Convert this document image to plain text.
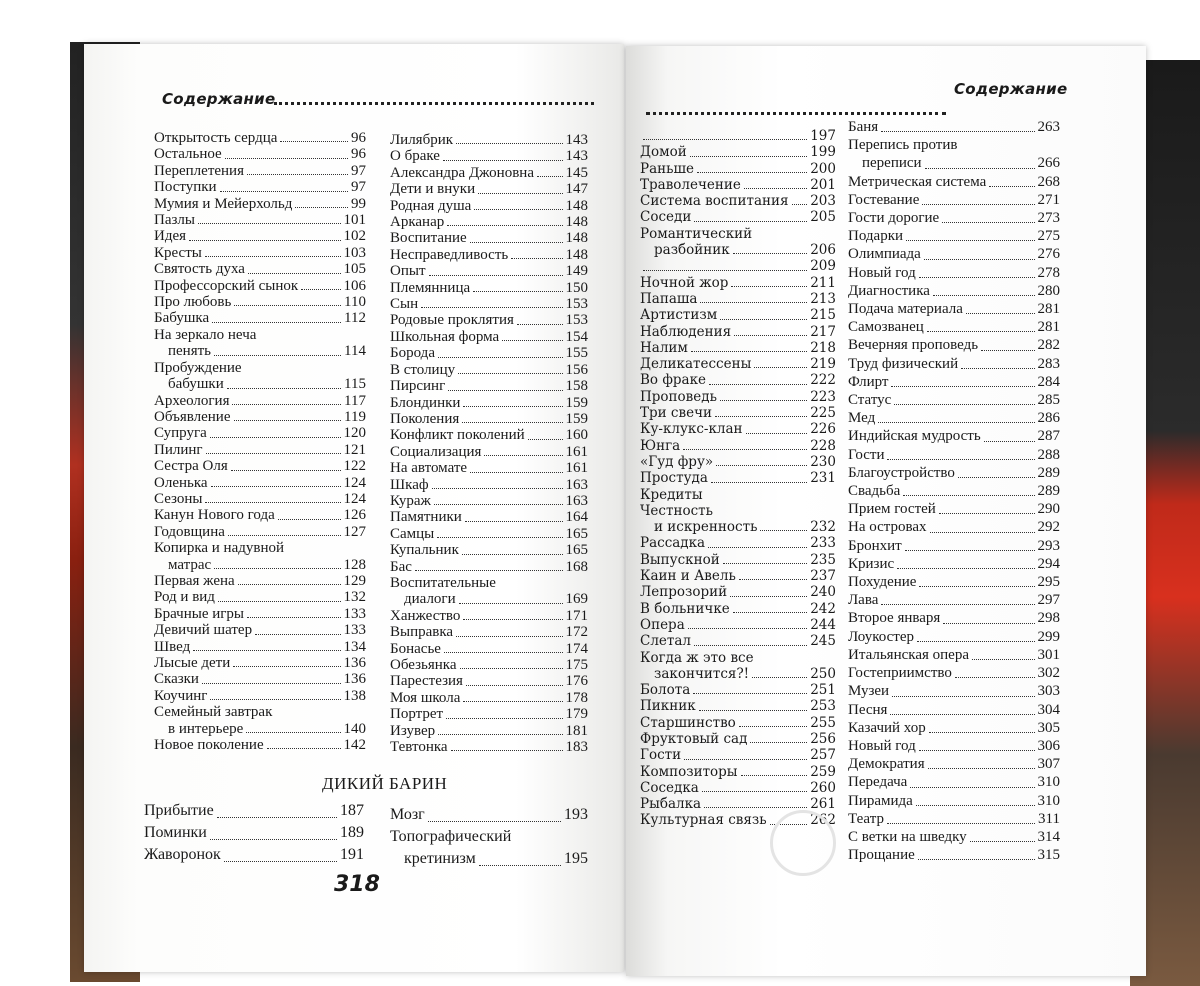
Содержание
Открытость сердца	96
Остальное	96
Переплетения	97
Поступки	97
Мумия и Мейерхольд	99
Пазлы	101
Идея	102
Кресты	103
Святость духа	105
Профессорский сынок	106
Про любовь	110
Бабушка	112
На зеркало неча
пенять	114
Пробуждение
бабушки	115
Археология	117
Объявление	119
Супруга	120
Пилинг	121
Сестра Оля	122
Оленька	124
Сезоны	124
Канун Нового года	126
Годовщина	127
Копирка и надувной
матрас	128
Первая жена	129
Род и вид	132
Брачные игры	133
Девичий шатер	133
Швед	134
Лысые дети	136
Сказки	136
Коучинг	138
Семейный завтрак
в интерьере	140
Новое поколение	142
Лилябрик	143
О браке	143
Александра Джоновна 145
Дети и внуки	147
Родная душа	148
Арканар	148
Воспитание	148
Несправедливость	148
Опыт	149
Племянница	150
Сын	153
Родовые проклятия	153
Школьная форма	154
Борода	155
В столицу	156
Пирсинг	158
Блондинки	159
Поколения	159
Конфликт поколений	160
Социализация	161
На автомате	161
Шкаф	163
Кураж	163
Памятники	164
Самцы	165
Купальник	165
Бас	168
Воспитательные
диалоги	169
Ханжество	171
Выправка	172
Бонасье	174
Обезьянка	175
Парестезия	176
Моя школа	178
Портрет	179
Изувер	181
Тевтонка	183
ДИКИЙ БАРИН
Прибытие	187
Поминки	189
Жаворонок	191
Мозг	193
Топографический
кретинизм	195
318
Содержание
197
Домой	199
Раньше	200
Траволечение	201
Система воспитания 203
Соседи	205
Романтический
разбойник	206
209
Ночной жор	211
Папаша	213
Артистизм	215
Наблюдения	217
Налим	218
Деликатессены	219
Во фраке	222
Проповедь	223
Три свечи	225
Ку-клукс-клан	226
Юнга	228
«Гуд фру»	230
Простуда	231
Кредиты
Честность
и искренность	232
Рассадка	233
Выпускной	235
Каин и Авель	237
Лепрозорий	240
В больничке	242
Опера	244
Слетал	245
Когда ж это все
закончится?!	250
Болота	251
Пикник	253
Старшинство	255
Фруктовый сад	256
Гости	257
Композиторы	259
Соседка	260
Рыбалка	261
Культурная связь	262
Баня	263
Перепись против
переписи	266
Метрическая система	268
Гостевание	271
Гости дорогие	273
Подарки	275
Олимпиада	276
Новый год	278
Диагностика	280
Подача материала	281
Самозванец	281
Вечерняя проповедь	282
Труд физический	283
Флирт	284
Статус	285
Мед	286
Индийская мудрость	287
Гости	288
Благоустройство	289
Свадьба	289
Прием гостей	290
На островах	292
Бронхит	293
Кризис	294
Похудение	295
Лава	297
Второе января	298
Лоукостер	299
Итальянская опера	301
Гостеприимство	302
Музеи	303
Песня	304
Казачий хор	305
Новый год	306
Демократия	307
Передача	310
Пирамида	310
Театр	311
С ветки на шведку	314
Прощание	315
